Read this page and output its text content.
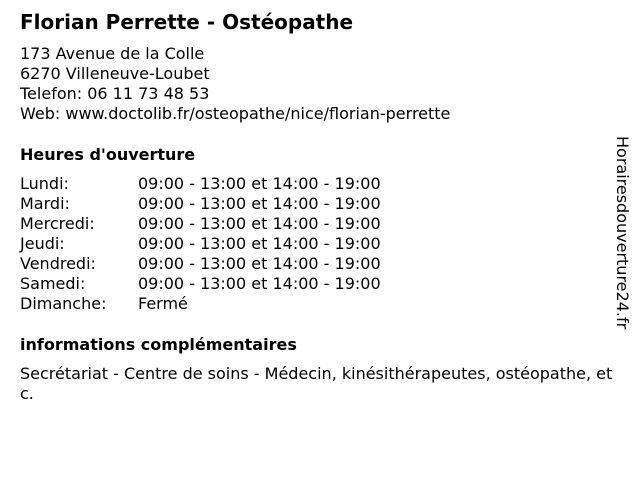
Florian Perrette - Ostéopathe
173 Avenue de la Colle
6270 Villeneuve-Loubet
Telefon: 06 11 73 48 53
Web: www.doctolib.fr/osteopathe/nice/florian-perrette
Heures d'ouverture
Lundi:	09:00 - 13:00 et 14:00 - 19:00
Mardi:	09:00 - 13:00 et 14:00 - 19:00
Mercredi:	09:00 - 13:00 et 14:00 - 19:00
Jeudi:	09:00 - 13:00 et 14:00 - 19:00
Vendredi:	09:00 - 13:00 et 14:00 - 19:00
Samedi:	09:00 - 13:00 et 14:00 - 19:00
Dimanche: Fermé
informations complémentaires
Secrétariat - Centre de soins - Médecin, kinésithérapeutes, ostéopathe, etc.
Horairesdouverture24.fr
